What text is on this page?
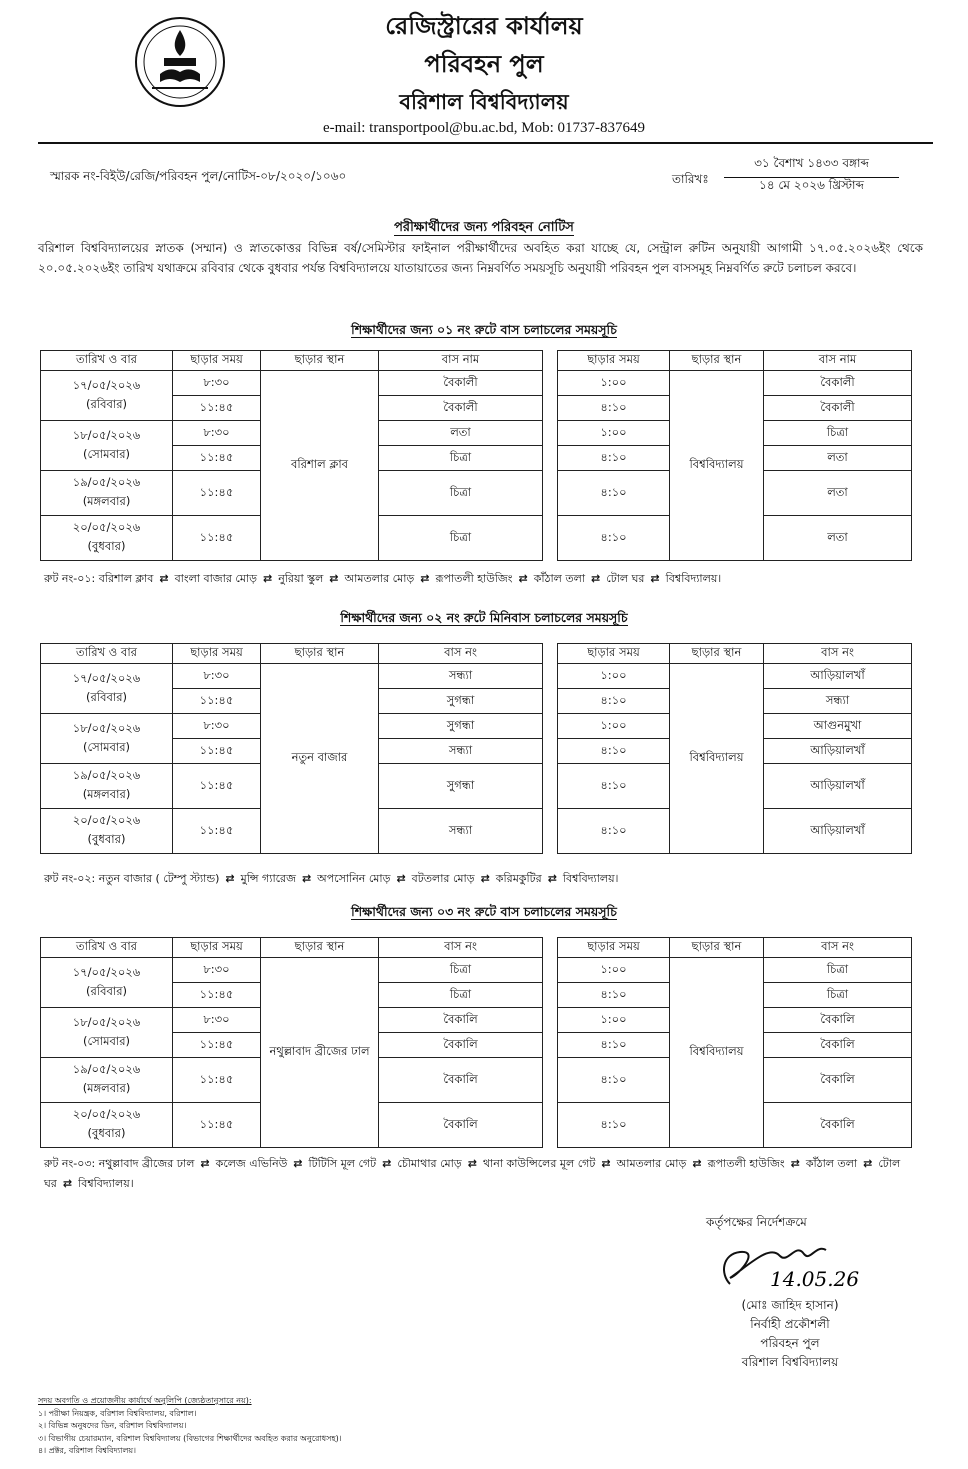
রেজিস্ট্রারের কার্যালয়
পরিবহন পুল
বরিশাল বিশ্ববিদ্যালয়
e-mail: transportpool@bu.ac.bd, Mob: 01737-837649
স্মারক নং-বিইউ/রেজি/পরিবহন পুল/নোটিস-০৮/২০২০/১০৬০	তারিখঃ
৩১ বৈশাখ ১৪৩৩ বঙ্গাব্দ
১৪ মে ২০২৬ খ্রিস্টাব্দ
পরীক্ষার্থীদের জন্য পরিবহন নোটিস
বরিশাল বিশ্ববিদ্যালয়ের স্নাতক (সম্মান) ও স্নাতকোত্তর বিভিন্ন বর্ষ/সেমিস্টার ফাইনাল পরীক্ষার্থীদের অবহিত করা যাচ্ছে যে, সেন্ট্রাল রুটিন অনুযায়ী আগামী ১৭.০৫.২০২৬ইং থেকে ২০.০৫.২০২৬ইং তারিখ যথাক্রমে রবিবার থেকে বুধবার পর্যন্ত বিশ্ববিদ্যালয়ে যাতায়াতের জন্য নিম্নবর্ণিত সময়সূচি অনুযায়ী পরিবহন পুল বাসসমূহ নিম্নবর্ণিত রুটে চলাচল করবে।
শিক্ষার্থীদের জন্য ০১ নং রুটে বাস চলাচলের সময়সূচি
তারিখ ও বার	ছাড়ার সময়	ছাড়ার স্থান	বাস নাম		ছাড়ার সময়	ছাড়ার স্থান	বাস নাম

১৭/০৫/২০২৬
(রবিবার)	৮:৩০	বরিশাল ক্লাব	বৈকালী		১:০০	বিশ্ববিদ্যালয়	বৈকালী
	১১:৪৫		বৈকালী		৪:১০		বৈকালী

১৮/০৫/২০২৬
(সোমবার)	৮:৩০		লতা		১:০০		চিত্রা
	১১:৪৫		চিত্রা		৪:১০		লতা

১৯/০৫/২০২৬
(মঙ্গলবার)	১১:৪৫		চিত্রা		৪:১০		লতা

২০/০৫/২০২৬
(বুধবার)	১১:৪৫		চিত্রা		৪:১০		লতা
রুট নং-০১: বরিশাল ক্লাব ⇄ বাংলা বাজার মোড় ⇄ নুরিয়া স্কুল ⇄ আমতলার মোড় ⇄ রূপাতলী হাউজিং ⇄ কাঁঠাল তলা ⇄ টোল ঘর ⇄ বিশ্ববিদ্যালয়।
শিক্ষার্থীদের জন্য ০২ নং রুটে মিনিবাস চলাচলের সময়সূচি
তারিখ ও বার	ছাড়ার সময়	ছাড়ার স্থান	বাস নং		ছাড়ার সময়	ছাড়ার স্থান	বাস নং

১৭/০৫/২০২৬
(রবিবার)	৮:৩০	নতুন বাজার	সন্ধ্যা		১:০০	বিশ্ববিদ্যালয়	আড়িয়ালখাঁ
	১১:৪৫		সুগন্ধা		৪:১০		সন্ধ্যা

১৮/০৫/২০২৬
(সোমবার)	৮:৩০		সুগন্ধা		১:০০		আগুনমুখা
	১১:৪৫		সন্ধ্যা		৪:১০		আড়িয়ালখাঁ

১৯/০৫/২০২৬
(মঙ্গলবার)	১১:৪৫		সুগন্ধা		৪:১০		আড়িয়ালখাঁ

২০/০৫/২০২৬
(বুধবার)	১১:৪৫		সন্ধ্যা		৪:১০		আড়িয়ালখাঁ
রুট নং-০২: নতুন বাজার ( টেম্পু স্ট্যান্ড) ⇄ মুন্সি গ্যারেজ ⇄ অপসোনিন মোড় ⇄ বটতলার মোড় ⇄ করিমকুটির ⇄ বিশ্ববিদ্যালয়।
শিক্ষার্থীদের জন্য ০৩ নং রুটে বাস চলাচলের সময়সূচি
তারিখ ও বার	ছাড়ার সময়	ছাড়ার স্থান	বাস নং		ছাড়ার সময়	ছাড়ার স্থান	বাস নং

১৭/০৫/২০২৬
(রবিবার)	৮:৩০	নথুল্লাবাদ ব্রীজের ঢাল	চিত্রা		১:০০	বিশ্ববিদ্যালয়	চিত্রা
	১১:৪৫		চিত্রা		৪:১০		চিত্রা

১৮/০৫/২০২৬
(সোমবার)	৮:৩০		বৈকালি		১:০০		বৈকালি
	১১:৪৫		বৈকালি		৪:১০		বৈকালি

১৯/০৫/২০২৬
(মঙ্গলবার)	১১:৪৫		বৈকালি		৪:১০		বৈকালি

২০/০৫/২০২৬
(বুধবার)	১১:৪৫		বৈকালি		৪:১০		বৈকালি
রুট নং-০৩: নথুল্লাবাদ ব্রীজের ঢাল ⇄ কলেজ এভিনিউ ⇄ টিটিসি মূল গেট ⇄ চৌমাথার মোড় ⇄ থানা কাউন্সিলের মূল গেট ⇄ আমতলার মোড় ⇄ রূপাতলী হাউজিং ⇄ কাঁঠাল তলা ⇄ টোল ঘর ⇄ বিশ্ববিদ্যালয়।
কর্তৃপক্ষের নির্দেশক্রমে
14.05.26
(মোঃ জাহিদ হাসান)
নির্বাহী প্রকৌশলী
পরিবহন পুল
বরিশাল বিশ্ববিদ্যালয়
সদয় অবগতি ও প্রয়োজনীয় কার্যার্থে অনুলিপি (জ্যেষ্ঠতানুসারে নয়):
১। পরীক্ষা নিয়ন্ত্রক, বরিশাল বিশ্ববিদ্যালয়, বরিশাল।
২। বিভিন্ন অনুষদের ডিন, বরিশাল বিশ্ববিদ্যালয়।
৩। বিভাগীয় চেয়ারম্যান, বরিশাল বিশ্ববিদ্যালয় (বিভাগের শিক্ষার্থীদের অবহিত করার অনুরোধসহ)।
৪। প্রক্টর, বরিশাল বিশ্ববিদ্যালয়।
